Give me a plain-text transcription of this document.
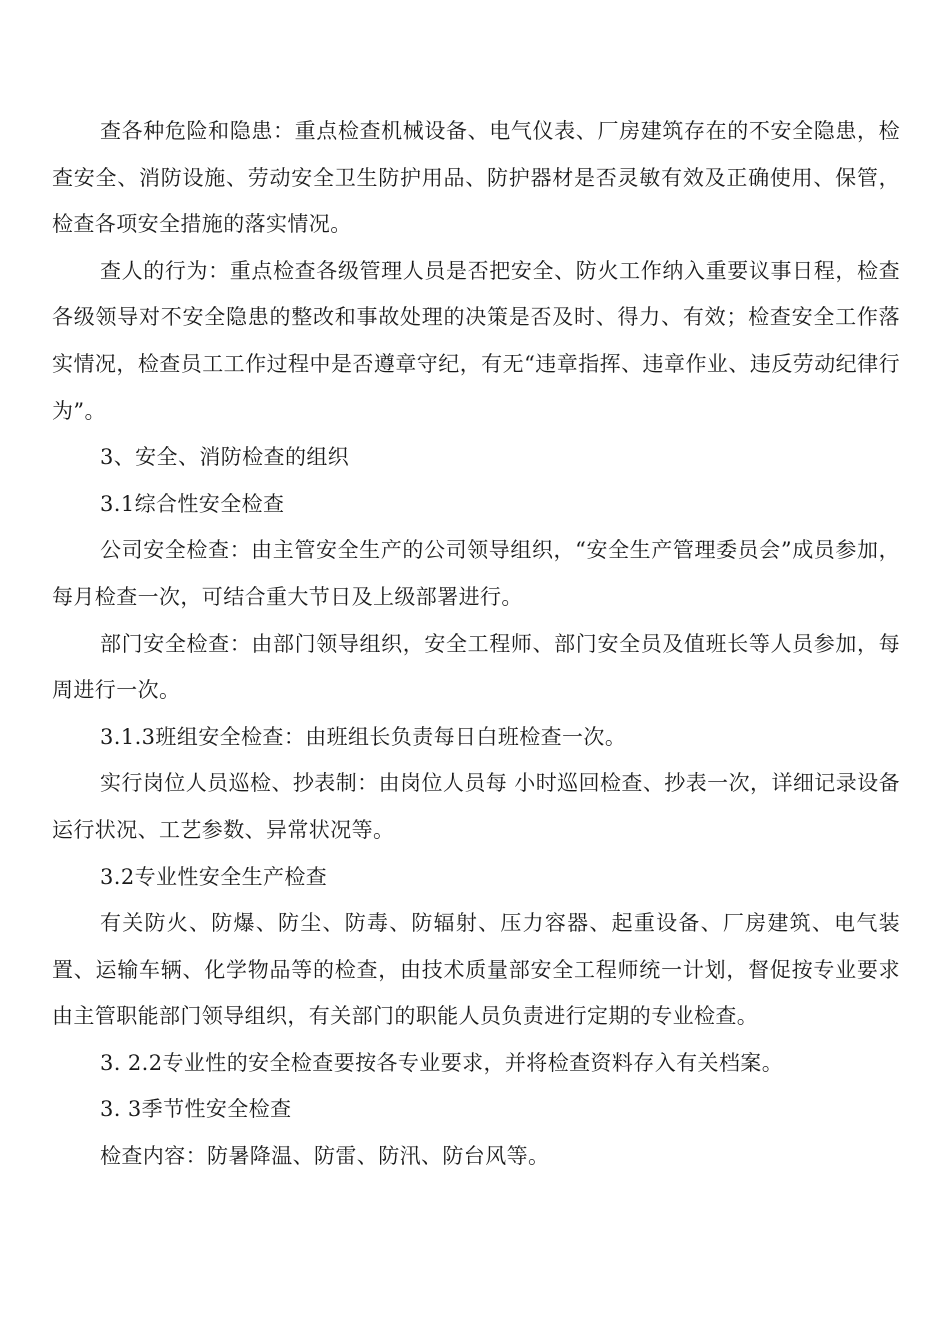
查各种危险和隐患：重点检查机械设备、电气仪表、厂房建筑存在的不安全隐患，检查安全、消防设施、劳动安全卫生防护用品、防护器材是否灵敏有效及正确使用、保管，检查各项安全措施的落实情况。

查人的行为：重点检查各级管理人员是否把安全、防火工作纳入重要议事日程，检查各级领导对不安全隐患的整改和事故处理的决策是否及时、得力、有效；检查安全工作落实情况，检查员工工作过程中是否遵章守纪，有无“违章指挥、违章作业、违反劳动纪律行为”。

3、安全、消防检查的组织

3.1综合性安全检查

公司安全检查：由主管安全生产的公司领导组织，“安全生产管理委员会”成员参加，每月检查一次，可结合重大节日及上级部署进行。

部门安全检查：由部门领导组织，安全工程师、部门安全员及值班长等人员参加，每周进行一次。

3.1.3班组安全检查：由班组长负责每日白班检查一次。

实行岗位人员巡检、抄表制：由岗位人员每 小时巡回检查、抄表一次，详细记录设备运行状况、工艺参数、异常状况等。

3.2专业性安全生产检查

有关防火、防爆、防尘、防毒、防辐射、压力容器、起重设备、厂房建筑、电气装置、运输车辆、化学物品等的检查，由技术质量部安全工程师统一计划，督促按专业要求由主管职能部门领导组织，有关部门的职能人员负责进行定期的专业检查。

3. 2.2专业性的安全检查要按各专业要求，并将检查资料存入有关档案。

3. 3季节性安全检查

检查内容：防暑降温、防雷、防汛、防台风等。
